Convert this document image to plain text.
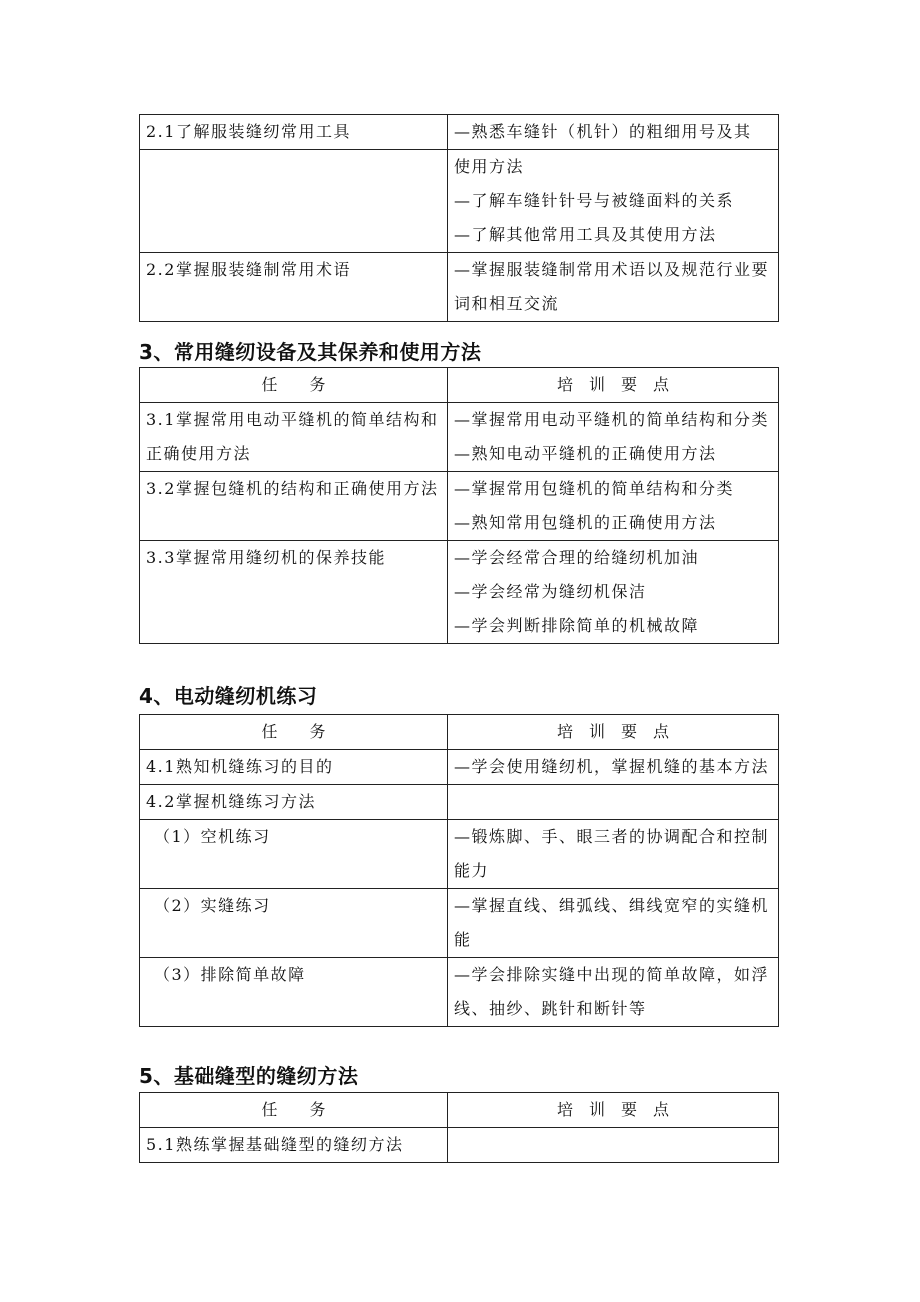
2.1了解服装缝纫常用工具	—熟悉车缝针（机针）的粗细用号及其

	使用方法
—了解车缝针针号与被缝面料的关系
—了解其他常用工具及其使用方法

2.2掌握服装缝制常用术语	—掌握服装缝制常用术语以及规范行业要词和相互交流
3、常用缝纫设备及其保养和使用方法
任　　务	培　训　要　点
3.1掌握常用电动平缝机的简单结构和正确使用方法	—掌握常用电动平缝机的简单结构和分类
—熟知电动平缝机的正确使用方法

3.2掌握包缝机的结构和正确使用方法	—掌握常用包缝机的简单结构和分类
—熟知常用包缝机的正确使用方法

3.3掌握常用缝纫机的保养技能	—学会经常合理的给缝纫机加油
—学会经常为缝纫机保洁
—学会判断排除简单的机械故障
4、电动缝纫机练习
任　　务	培　训　要　点
4.1熟知机缝练习的目的	—学会使用缝纫机，掌握机缝的基本方法

4.2掌握机缝练习方法	

（1）空机练习	—锻炼脚、手、眼三者的协调配合和控制能力

（2）实缝练习	—掌握直线、缉弧线、缉线宽窄的实缝机能

（3）排除简单故障	—学会排除实缝中出现的简单故障，如浮线、抽纱、跳针和断针等
5、基础缝型的缝纫方法
任　　务	培　训　要　点
5.1熟练掌握基础缝型的缝纫方法	
